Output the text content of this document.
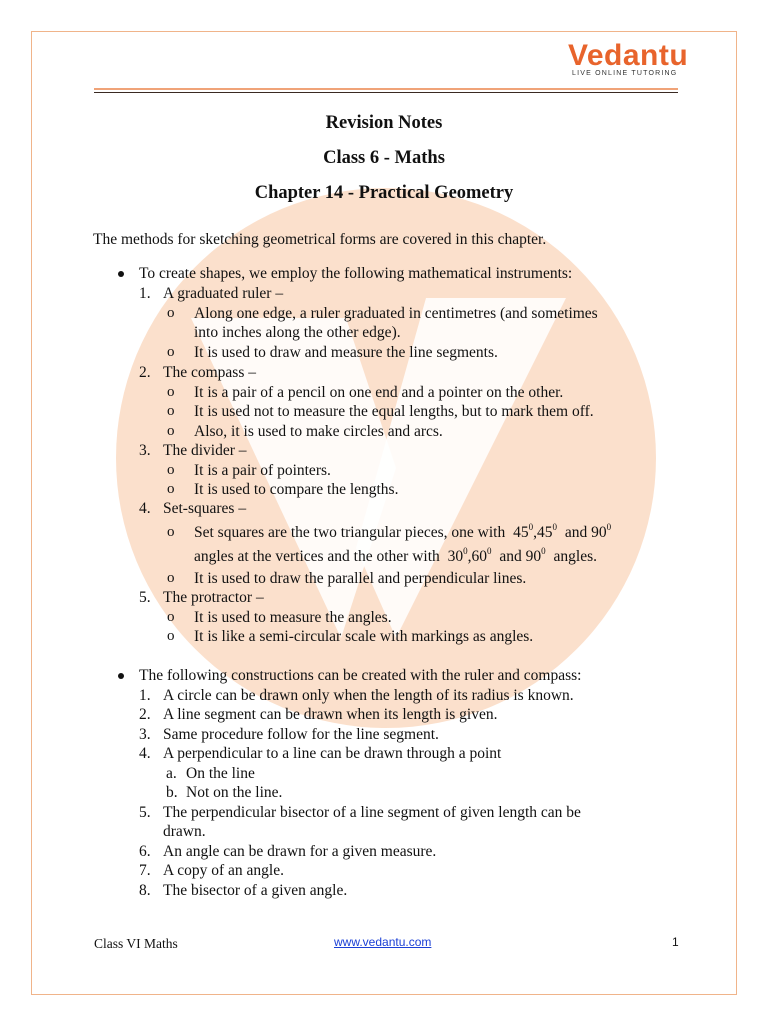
Vedantu
LIVE ONLINE TUTORING
Revision Notes
Class 6 - Maths
Chapter 14 - Practical Geometry
The methods for sketching geometrical forms are covered in this chapter.
To create shapes, we employ the following mathematical instruments:
1. A graduated ruler –
o Along one edge, a ruler graduated in centimetres (and sometimes
into inches along the other edge).
o It is used to draw and measure the line segments.
2. The compass –
o It is a pair of a pencil on one end and a pointer on the other.
o It is used not to measure the equal lengths, but to mark them off.
o Also, it is used to make circles and arcs.
3. The divider –
o It is a pair of pointers.
o It is used to compare the lengths.
4. Set-squares –
o Set squares are the two triangular pieces, one with $45^0,45^0$ and $90^0$
angles at the vertices and the other with $30^0,60^0$ and $90^0$ angles.
o It is used to draw the parallel and perpendicular lines.
5. The protractor –
o It is used to measure the angles.
o It is like a semi-circular scale with markings as angles.
The following constructions can be created with the ruler and compass:
1. A circle can be drawn only when the length of its radius is known.
2. A line segment can be drawn when its length is given.
3. Same procedure follow for the line segment.
4. A perpendicular to a line can be drawn through a point
a. On the line
b. Not on the line.
5. The perpendicular bisector of a line segment of given length can be
drawn.
6. An angle can be drawn for a given measure.
7. A copy of an angle.
8. The bisector of a given angle.
Class VI Maths	www.vedantu.com	1
